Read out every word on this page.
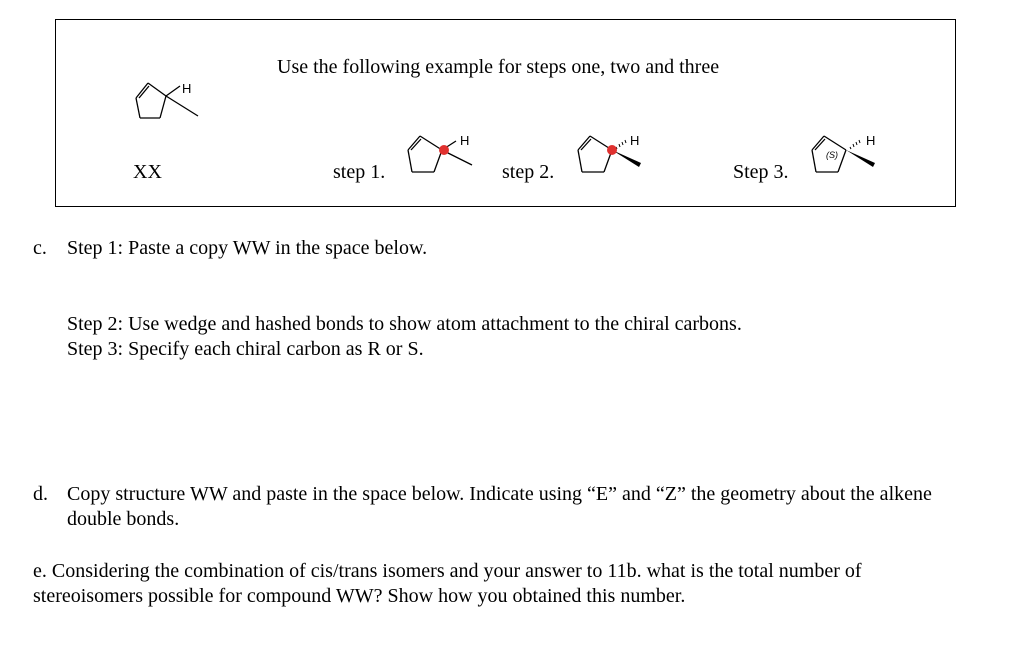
Use the following example for steps one, two and three
H
XX	step 1.
H
step 2.
H
Step 3.
(S)
H
c. Step 1: Paste a copy WW in the space below.
Step 2: Use wedge and hashed bonds to show atom attachment to the chiral carbons.
Step 3: Specify each chiral carbon as R or S.
d. Copy structure WW and paste in the space below. Indicate using “E” and “Z” the geometry about the alkene double bonds.
e. Considering the combination of cis/trans isomers and your answer to 11b. what is the total number of stereoisomers possible for compound WW? Show how you obtained this number.
